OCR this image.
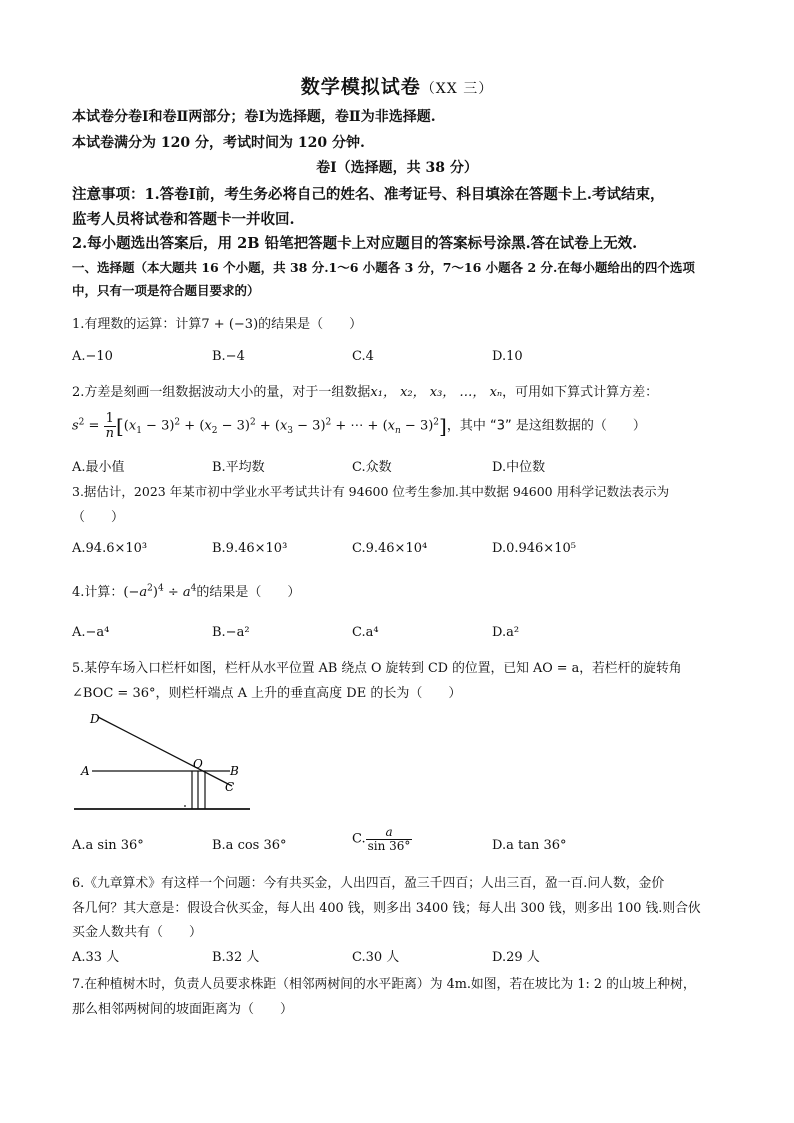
数学模拟试卷（XX 三）
本试卷分卷Ⅰ和卷Ⅱ两部分；卷Ⅰ为选择题，卷Ⅱ为非选择题.
本试卷满分为 120 分，考试时间为 120 分钟.
卷Ⅰ（选择题，共 38 分）
注意事项：1.答卷Ⅰ前，考生务必将自己的姓名、准考证号、科目填涂在答题卡上.考试结束，
监考人员将试卷和答题卡一并收回.
2.每小题选出答案后，用 2B 铅笔把答题卡上对应题目的答案标号涂黑.答在试卷上无效.
一、选择题（本大题共 16 个小题，共 38 分.1～6 小题各 3 分，7～16 小题各 2 分.在每小题给出的四个选项
中，只有一项是符合题目要求的）
1.有理数的运算：计算7 + (−3)的结果是（　　）
A.−10	B.−4	C.4	D.10
2.方差是刻画一组数据波动大小的量，对于一组数据x₁， x₂， x₃， …， xₙ，可用如下算式计算方差：
$s^2 = \frac{1}{n} [(x_1 - 3)^2 + (x_2 - 3)^2 + (x_3 - 3)^2$ + ⋯ + $(x_n - 3)^2$]，其中 “3” 是这组数据的（　　）
A.最小值	B.平均数	C.众数	D.中位数
3.据估计，2023 年某市初中学业水平考试共计有 94600 位考生参加.其中数据 94600 用科学记数法表示为
（　　）
A.94.6×10³	B.9.46×10³	C.9.46×10⁴	D.0.946×10⁵
4.计算：$(-a^2)^4 \div a^4$的结果是（　　）
A.−a⁴	B.−a²	C.a⁴	D.a²
5.某停车场入口栏杆如图，栏杆从水平位置 AB 绕点 O 旋转到 CD 的位置，已知 AO = a，若栏杆的旋转角
∠BOC = 36°，则栏杆端点 A 上升的垂直高度 DE 的长为（　　）
D
A	O B
C
A.a sin 36°	B.a cos 36°	C. $\frac{a}{\sin 36^\circ}$	D.a tan 36°
6.《九章算术》有这样一个问题：今有共买金，人出四百，盈三千四百；人出三百，盈一百.问人数，金价
各几何？其大意是：假设合伙买金，每人出 400 钱，则多出 3400 钱；每人出 300 钱，则多出 100 钱.则合伙
买金人数共有（　　）
A.33 人	B.32 人	C.30 人	D.29 人
7.在种植树木时，负责人员要求株距（相邻两树间的水平距离）为 4m.如图，若在坡比为 1: 2 的山坡上种树，
那么相邻两树间的坡面距离为（　　）
